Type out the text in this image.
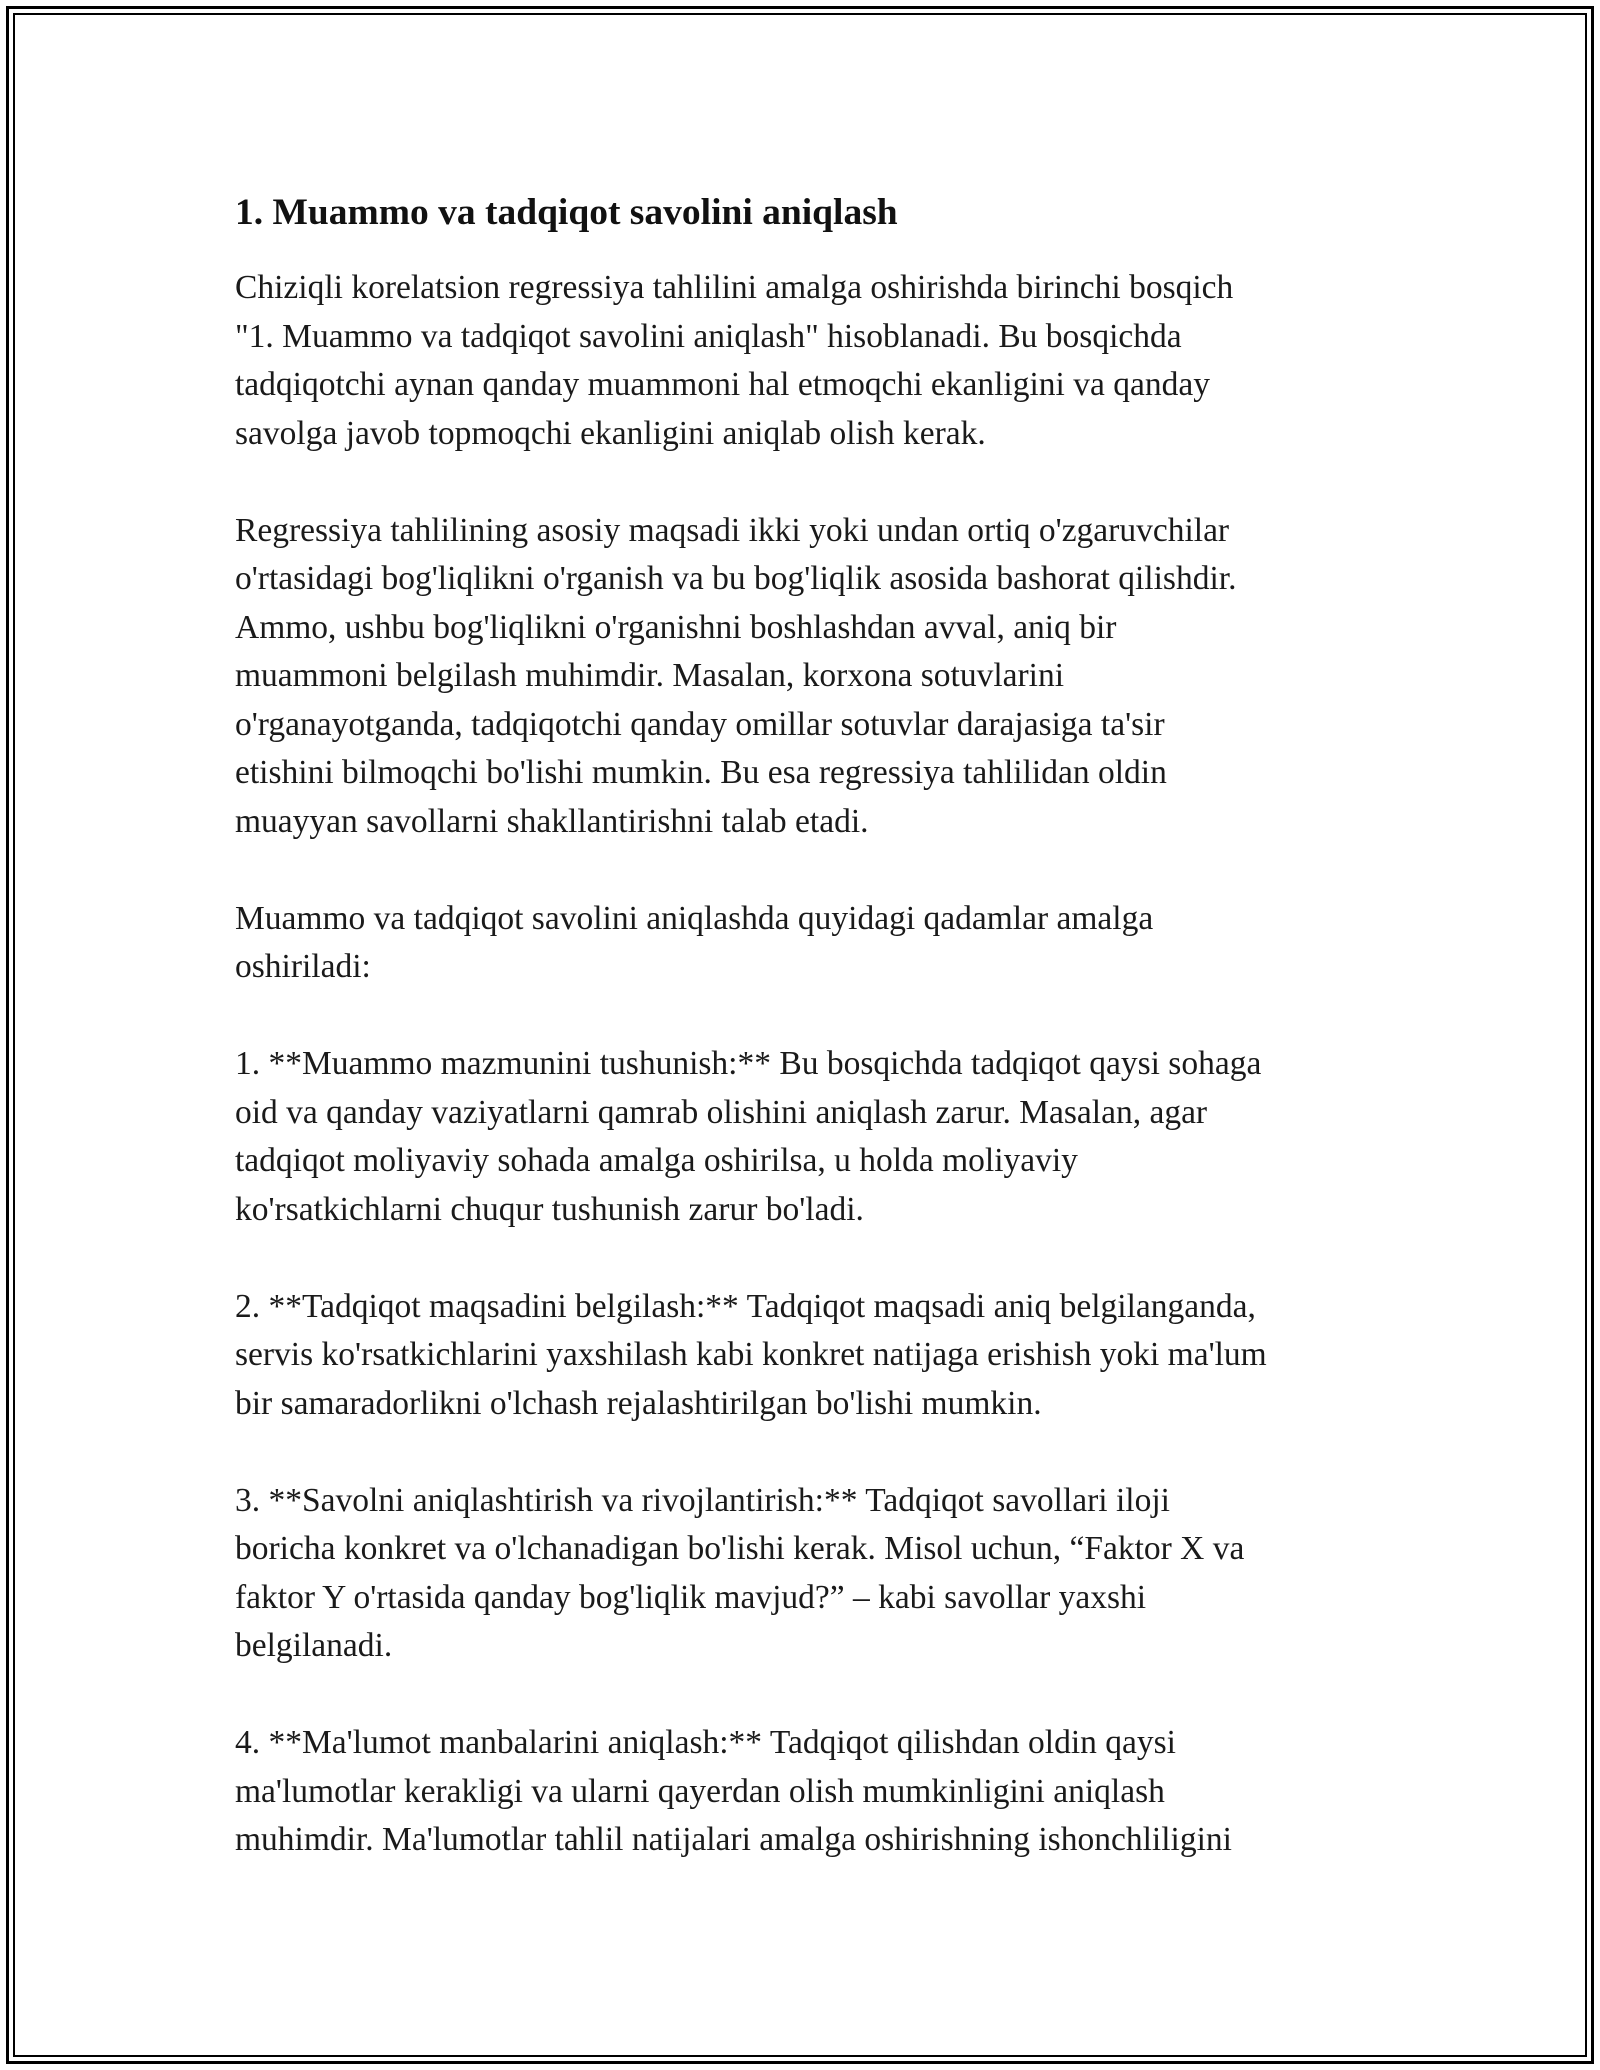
1. Muammo va tadqiqot savolini aniqlash

Chiziqli korelatsion regressiya tahlilini amalga oshirishda birinchi bosqich
"1. Muammo va tadqiqot savolini aniqlash" hisoblanadi. Bu bosqichda
tadqiqotchi aynan qanday muammoni hal etmoqchi ekanligini va qanday
savolga javob topmoqchi ekanligini aniqlab olish kerak.

Regressiya tahlilining asosiy maqsadi ikki yoki undan ortiq o'zgaruvchilar
o'rtasidagi bog'liqlikni o'rganish va bu bog'liqlik asosida bashorat qilishdir.
Ammo, ushbu bog'liqlikni o'rganishni boshlashdan avval, aniq bir
muammoni belgilash muhimdir. Masalan, korxona sotuvlarini
o'rganayotganda, tadqiqotchi qanday omillar sotuvlar darajasiga ta'sir
etishini bilmoqchi bo'lishi mumkin. Bu esa regressiya tahlilidan oldin
muayyan savollarni shakllantirishni talab etadi.

Muammo va tadqiqot savolini aniqlashda quyidagi qadamlar amalga
oshiriladi:

1. **Muammo mazmunini tushunish:** Bu bosqichda tadqiqot qaysi sohaga
oid va qanday vaziyatlarni qamrab olishini aniqlash zarur. Masalan, agar
tadqiqot moliyaviy sohada amalga oshirilsa, u holda moliyaviy
ko'rsatkichlarni chuqur tushunish zarur bo'ladi.

2. **Tadqiqot maqsadini belgilash:** Tadqiqot maqsadi aniq belgilanganda,
servis ko'rsatkichlarini yaxshilash kabi konkret natijaga erishish yoki ma'lum
bir samaradorlikni o'lchash rejalashtirilgan bo'lishi mumkin.

3. **Savolni aniqlashtirish va rivojlantirish:** Tadqiqot savollari iloji
boricha konkret va o'lchanadigan bo'lishi kerak. Misol uchun, “Faktor X va
faktor Y o'rtasida qanday bog'liqlik mavjud?” – kabi savollar yaxshi
belgilanadi.

4. **Ma'lumot manbalarini aniqlash:** Tadqiqot qilishdan oldin qaysi
ma'lumotlar kerakligi va ularni qayerdan olish mumkinligini aniqlash
muhimdir. Ma'lumotlar tahlil natijalari amalga oshirishning ishonchliligini
